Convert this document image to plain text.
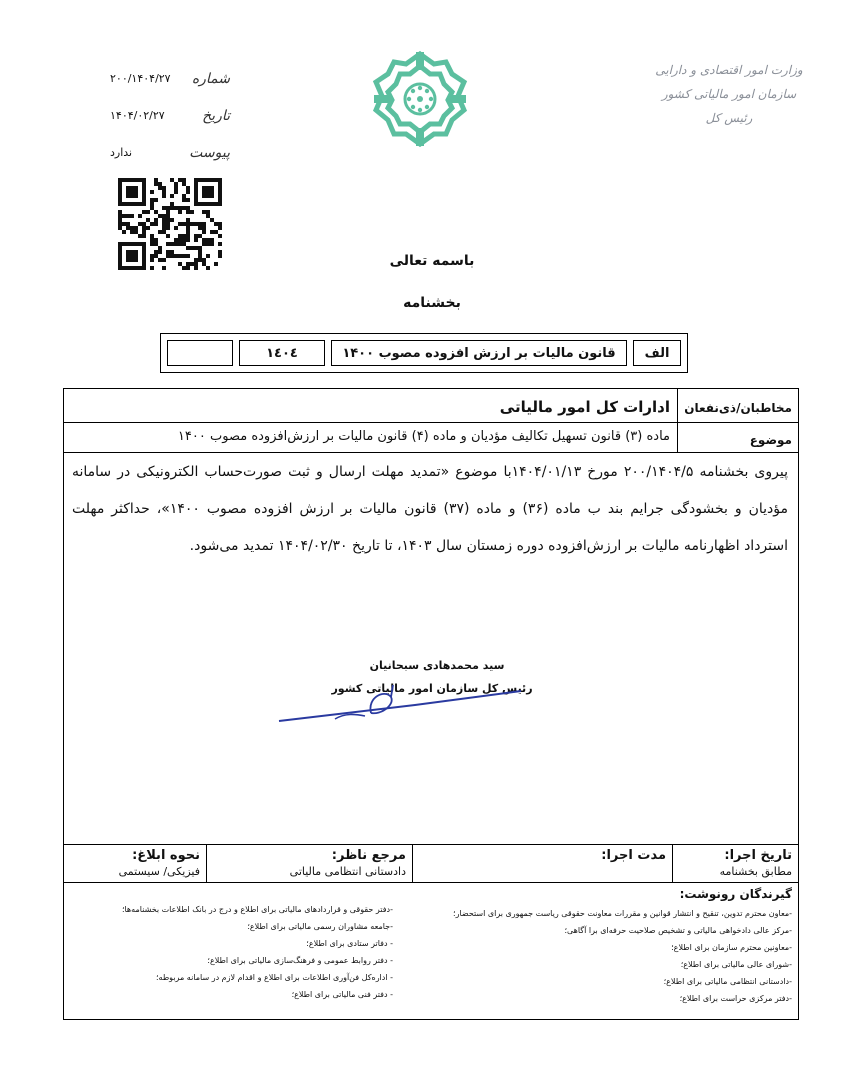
وزارت امور اقتصادی و دارایی
سازمان امور مالیاتی کشور
رئیس کل
شماره
۲۰۰/۱۴۰۴/۲۷
تاریخ
۱۴۰۴/۰۲/۲۷
پیوست
ندارد
باسمه تعالی
بخشنامه
الف
قانون مالیات بر ارزش افزوده مصوب ۱۴۰۰
۱٤٠٤
مخاطبان/ذی‌نفعان
ادارات کل امور مالیاتی
موضوع
ماده (۳) قانون تسهیل تکالیف مؤدیان و ماده (۴) قانون مالیات بر ارزش‌افزوده مصوب ۱۴۰۰
پیروی بخشنامه ۲۰۰/۱۴۰۴/۵ مورخ ۱۴۰۴/۰۱/۱۳با موضوع «تمدید مهلت ارسال و ثبت صورت‌حساب الکترونیکی در سامانه مؤدیان و بخشودگی جرایم بند ب ماده (۳۶) و ماده (۳۷) قانون مالیات بر ارزش افزوده مصوب ۱۴۰۰»، حداکثر مهلت استرداد اظهارنامه مالیات بر ارزش‌افزوده دوره زمستان سال ۱۴۰۳، تا تاریخ ۱۴۰۴/۰۲/۳۰ تمدید می‌شود.
تاریخ اجرا:
مطابق بخشنامه
مدت اجرا:
مرجع ناظر:
دادستانی انتظامی مالیاتی
نحوه ابلاغ:
فیزیکی/ سیستمی
گیرندگان رونوشت:
-معاون محترم تدوین، تنقیح و انتشار قوانین و مقررات معاونت حقوقی ریاست جمهوری برای استحضار؛
-مرکز عالی دادخواهی مالیاتی و تشخیص صلاحیت حرفه‌ای برا آگاهی؛
-معاونین محترم سازمان برای اطلاع؛
-شورای عالی مالیاتی برای اطلاع؛
-دادستانی انتظامی مالیاتی برای اطلاع؛
-دفتر مرکزی حراست برای اطلاع؛
-دفتر حقوقی و قراردادهای مالیاتی برای اطلاع و درج در بانک اطلاعات بخشنامه‌ها؛
-جامعه مشاوران رسمی مالیاتی برای اطلاع؛
- دفاتر ستادی برای اطلاع؛
- دفتر روابط عمومی و فرهنگ‌سازی مالیاتی برای اطلاع؛
- اداره‌کل فن‌آوری اطلاعات برای اطلاع و اقدام لازم در سامانه مربوطه؛
- دفتر فنی مالیاتی برای اطلاع؛
سید محمدهادی سبحانیان
رئیس کل سازمان امور مالیاتی کشور
